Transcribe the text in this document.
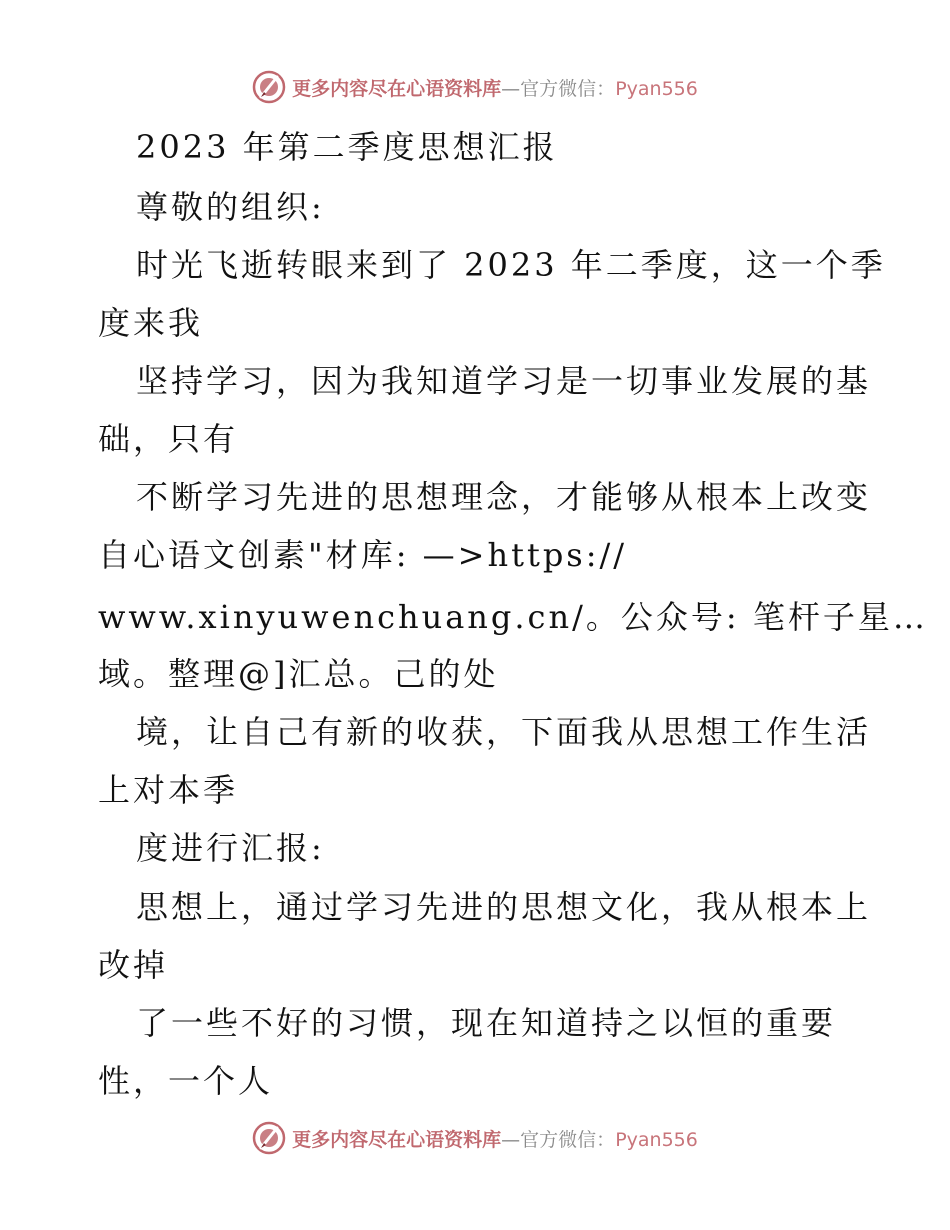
更多内容尽在心语资料库—官方微信：Pyan556
2023 年第二季度思想汇报
尊敬的组织:
时光飞逝转眼来到了 2023 年二季度，这一个季
度来我
坚持学习，因为我知道学习是一切事业发展的基
础，只有
不断学习先进的思想理念，才能够从根本上改变
自心语文创素"材库: —>https://
www.xinyuwenchuang.cn/。公众号: 笔杆子星…
域。整理@]汇总。己的处
境，让自己有新的收获，下面我从思想工作生活
上对本季
度进行汇报:
思想上，通过学习先进的思想文化，我从根本上
改掉
了一些不好的习惯，现在知道持之以恒的重要
性，一个人
更多内容尽在心语资料库—官方微信：Pyan556
